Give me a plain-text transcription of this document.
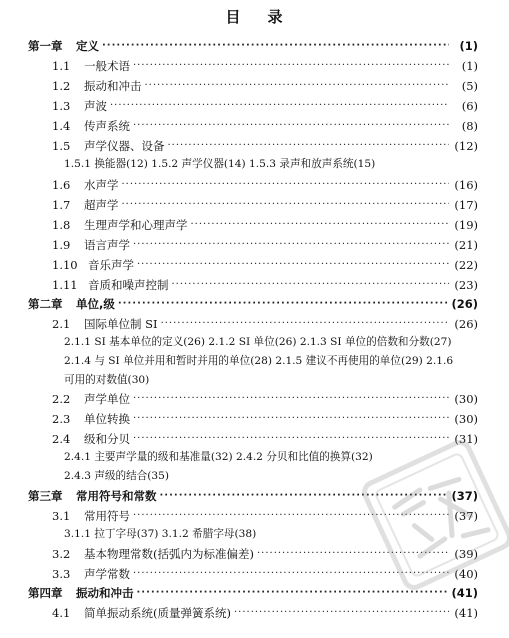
目 录
第一章 定义 ·····	(1)
1.1 一般术语 ·····	(1)
1.2 振动和冲击 ·····	(5)
1.3 声波 ·····	(6)
1.4 传声系统 ·····	(8)
1.5 声学仪器、设备 ·····	(12)
1.5.1 换能器(12) 1.5.2 声学仪器(14) 1.5.3 录声和放声系统(15)
1.6 水声学 ·····	(16)
1.7 超声学 ·····	(17)
1.8 生理声学和心理声学 ·····	(19)
1.9 语言声学 ·····	(21)
1.10 音乐声学 ·····	(22)
1.11 音质和噪声控制 ·····	(23)
第二章 单位,级 ·····	(26)
2.1 国际单位制 SI ·····	(26)
2.1.1 SI 基本单位的定义(26) 2.1.2 SI 单位(26) 2.1.3 SI 单位的倍数和分数(27) 2.1.4 与 SI 单位并用和暂时并用的单位(28) 2.1.5 建议不再使用的单位(29) 2.1.6 可用的对数值(30)
2.2 声学单位 ·····	(30)
2.3 单位转换 ·····	(30)
2.4 级和分贝 ·····	(31)
2.4.1 主要声学量的级和基准量(32) 2.4.2 分贝和比值的换算(32)
2.4.3 声级的结合(35)
第三章 常用符号和常数 ·····	(37)
3.1 常用符号 ·····	(37)
3.1.1 拉丁字母(37) 3.1.2 希腊字母(38)
3.2 基本物理常数(括弧内为标准偏差) ·····	(39)
3.3 声学常数 ·····	(40)
第四章 振动和冲击 ·····	(41)
4.1 简单振动系统(质量弹簧系统) ·····	(41)
